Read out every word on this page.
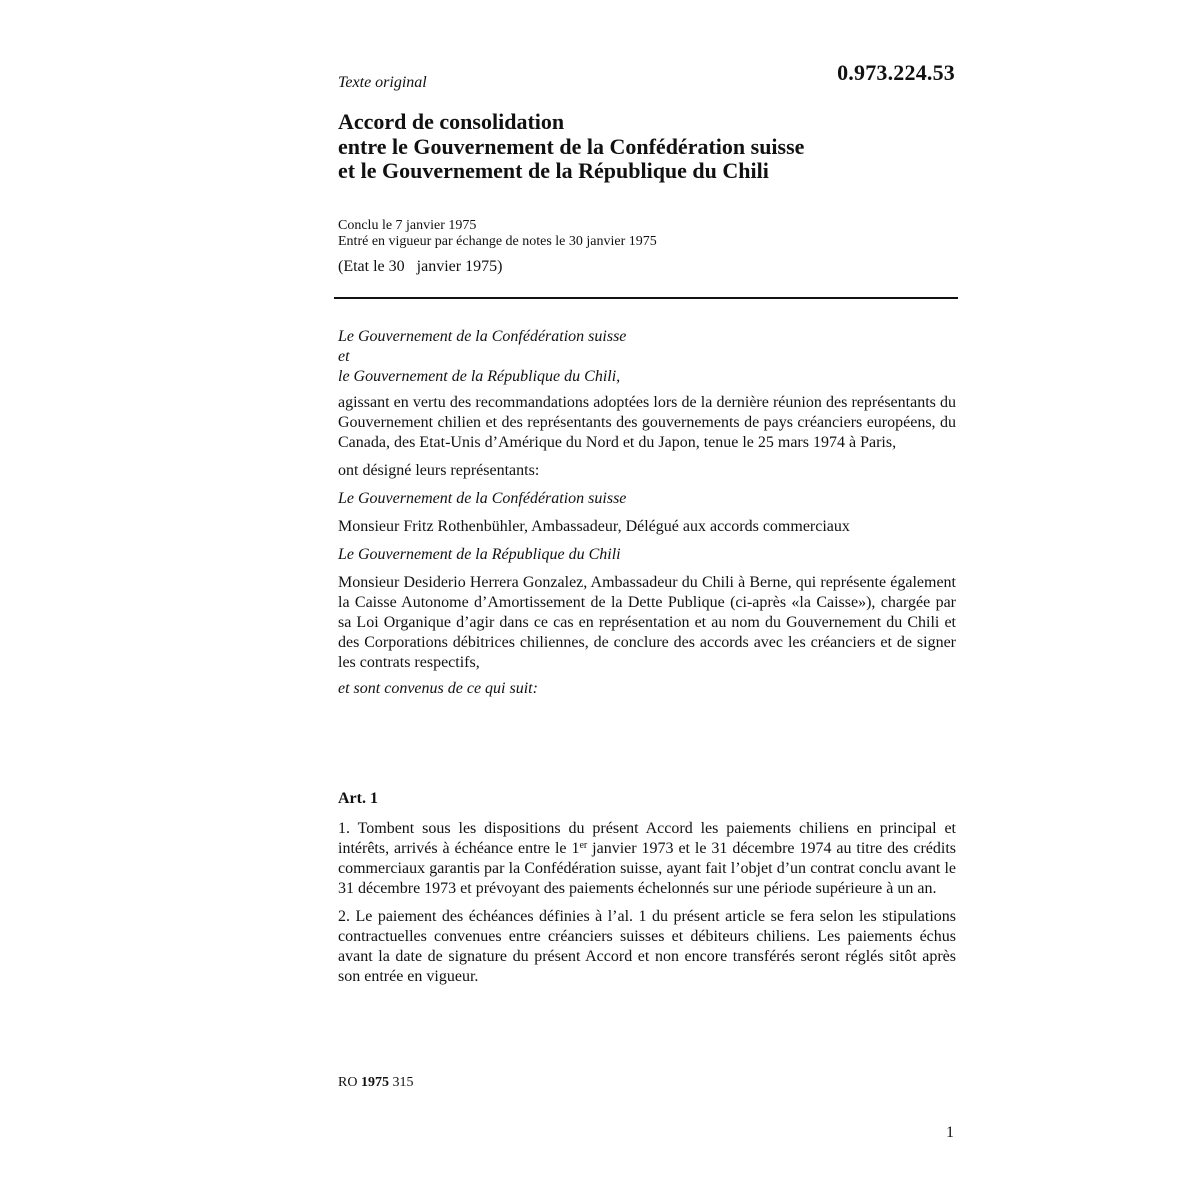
0.973.224.53
Texte original
Accord de consolidation
entre le Gouvernement de la Confédération suisse
et le Gouvernement de la République du Chili
Conclu le 7 janvier 1975
Entré en vigueur par échange de notes le 30 janvier 1975
(Etat le 30   janvier 1975)

Le Gouvernement de la Confédération suisse

et

le Gouvernement de la République du Chili,

agissant en vertu des recommandations adoptées lors de la dernière réunion des représentants du Gouvernement chilien et des représentants des gouvernements de pays créanciers européens, du Canada, des Etat-Unis d’Amérique du Nord et du Japon, tenue le 25 mars 1974 à Paris,

ont désigné leurs représentants:

Le Gouvernement de la Confédération suisse

Monsieur Fritz Rothenbühler, Ambassadeur, Délégué aux accords commerciaux

Le Gouvernement de la République du Chili

Monsieur Desiderio Herrera Gonzalez, Ambassadeur du Chili à Berne, qui représente également la Caisse Autonome d’Amortissement de la Dette Publique (ci-après «la Caisse»), chargée par sa Loi Organique d’agir dans ce cas en représentation et au nom du Gouvernement du Chili et des Corporations débitrices chiliennes, de conclure des accords avec les créanciers et de signer les contrats respectifs,

et sont convenus de ce qui suit:

Art. 1

1. Tombent sous les dispositions du présent Accord les paiements chiliens en principal et intérêts, arrivés à échéance entre le 1er janvier 1973 et le 31 décembre 1974 au titre des crédits commerciaux garantis par la Confédération suisse, ayant fait l’objet d’un contrat conclu avant le 31 décembre 1973 et prévoyant des paiements échelonnés sur une période supérieure à un an.

2. Le paiement des échéances définies à l’al. 1 du présent article se fera selon les stipulations contractuelles convenues entre créanciers suisses et débiteurs chiliens. Les paiements échus avant la date de signature du présent Accord et non encore transférés seront réglés sitôt après son entrée en vigueur.

RO 1975 315
1
